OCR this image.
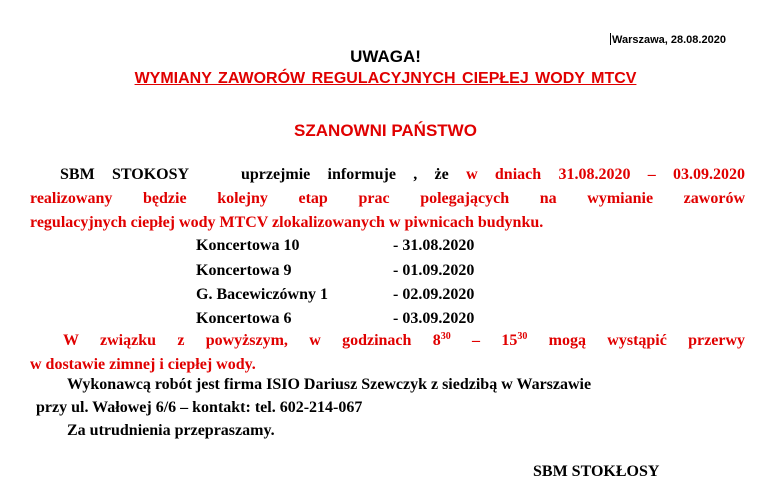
Warszawa, 28.08.2020
UWAGA!
WYMIANY ZAWORÓW REGULACYJNYCH CIEPŁEJ WODY MTCV
SZANOWNI PAŃSTWO
SBM STOKOSY	uprzejmie informuje , że w dniach 31.08.2020 – 03.09.2020
realizowany będzie kolejny etap prac polegających na wymianie zaworów
regulacyjnych ciepłej wody MTCV zlokalizowanych w piwnicach budynku.
Koncertowa 10	- 31.08.2020
Koncertowa 9	- 01.09.2020
G. Bacewiczówny 1	- 02.09.2020
Koncertowa 6	- 03.09.2020
W związku z powyższym, w godzinach $8^{30} - 15^{30}$ mogą wystąpić przerwy
w dostawie zimnej i ciepłej wody.
Wykonawcą robót jest firma ISIO Dariusz Szewczyk z siedzibą w Warszawie
przy ul. Wałowej 6/6 – kontakt: tel. 602-214-067
Za utrudnienia przepraszamy.
SBM STOKŁOSY
